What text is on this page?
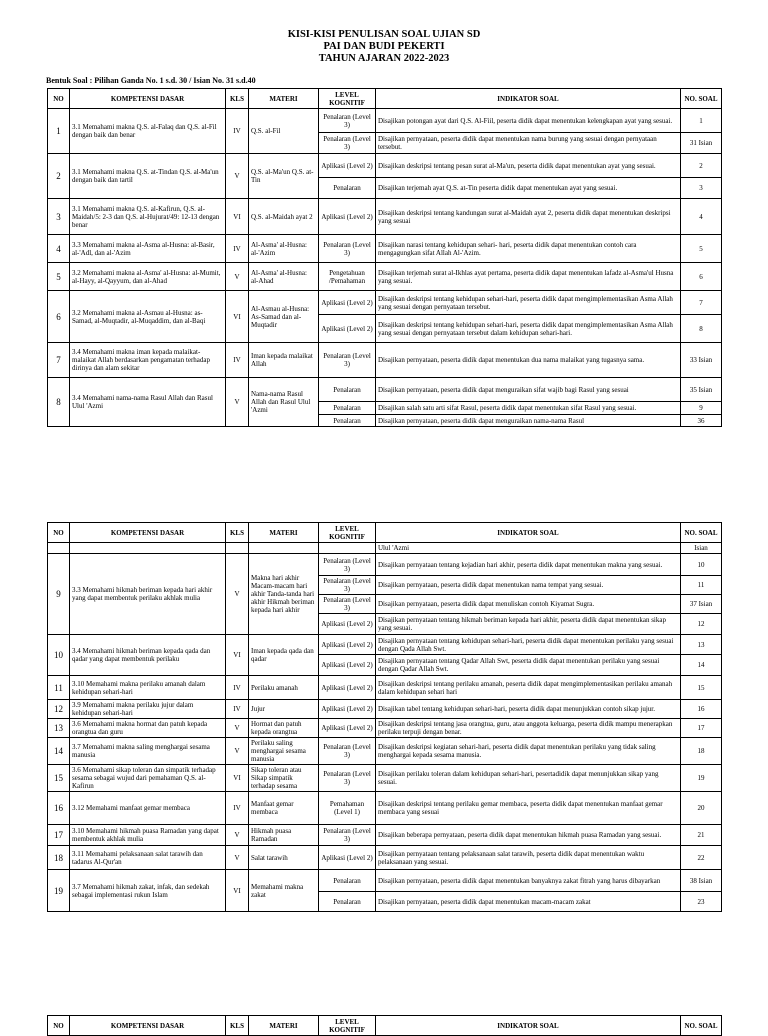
KISI-KISI PENULISAN SOAL UJIAN SD
PAI DAN BUDI PEKERTI
TAHUN AJARAN 2022-2023
Bentuk Soal : Pilihan Ganda No. 1 s.d. 30 / Isian No. 31 s.d.40
NO	KOMPETENSI DASAR	KLS	MATERI	LEVEL KOGNITIF	INDIKATOR SOAL	NO. SOAL
1	3.1 Memahami makna Q.S. al-Falaq dan Q.S. al-Fil dengan baik dan benar	IV	Q.S. al-Fil	Penalaran (Level 3)	Disajikan potongan ayat dari Q.S. Al-Fiil, peserta didik dapat menentukan kelengkapan ayat yang sesuai.	1
				Penalaran (Level 3)	Disajikan pernyataan, peserta didik dapat menentukan nama burung yang sesuai dengan pernyataan tersebut.	31 Isian
2	3.1 Memahami makna Q.S. at-Tindan Q.S. al-Ma'un dengan baik dan tartil	V	Q.S. al-Ma'un Q.S. at-Tin	Aplikasi (Level 2)	Disajikan deskripsi tentang pesan surat al-Ma'un, peserta didik dapat menentukan ayat yang sesuai.	2
				Penalaran	Disajikan terjemah ayat Q.S. at-Tin peserta didik dapat menentukan ayat yang sesuai.	3
3	3.1 Memahami makna Q.S. al-Kafirun, Q.S. al-Maidah/5: 2-3 dan Q.S. al-Hujurat/49: 12-13 dengan benar	VI	Q.S. al-Maidah ayat 2	Aplikasi (Level 2)	Disajikan deskripsi tentang kandungan surat al-Maidah ayat 2, peserta didik dapat menentukan deskripsi yang sesuai	4
4	3.3 Memahami makna al-Asma al-Husna: al-Basir, al-'Adl, dan al-'Azim	IV	Al-Asma' al-Husna: al-'Azim	Penalaran (Level 3)	Disajikan narasi tentang kehidupan sehari- hari, peserta didik dapat menentukan contoh cara mengagungkan sifat Allah Al-'Azim.	5
5	3.2 Memahami makna al-Asma' al-Husna: al-Mumit, al-Hayy, al-Qayyum, dan al-Ahad	V	Al-Asma' al-Husna: al-Ahad	Pengetahuan /Pemahaman	Disajikan terjemah surat al-Ikhlas ayat pertama, peserta didik dapat menentukan lafadz al-Asma'ul Husna yang sesuai.	6
6	3.2 Memahami makna al-Asmau al-Husna: as-Samad, al-Muqtadir, al-Muqaddim, dan al-Baqi	VI	Al-Asmau al-Husna: As-Samad dan al-Muqtadir	Aplikasi (Level 2)	Disajikan deskripsi tentang kehidupan sehari-hari, peserta didik dapat mengimplementasikan Asma Allah yang sesuai dengan pernyataan tersebut.	7
				Aplikasi (Level 2)	Disajikan deskripsi tentang kehidupan sehari-hari, peserta didik dapat mengimplementasikan Asma Allah yang sesuai dengan pernyataan tersebut dalam kehidupan sehari-hari.	8
7	3.4 Memahami makna iman kepada malaikat-malaikat Allah berdasarkan pengamatan terhadap dirinya dan alam sekitar	IV	Iman kepada malaikat Allah	Penalaran (Level 3)	Disajikan pernyataan, peserta didik dapat menentukan dua nama malaikat yang tugasnya sama.	33 Isian
8	3.4 Memahami nama-nama Rasul Allah dan Rasul Ulul 'Azmi	V	Nama-nama Rasul Allah dan Rasul Ulul 'Azmi	Penalaran	Disajikan pernyataan, peserta didik dapat menguraikan sifat wajib bagi Rasul yang sesuai	35 Isian
				Penalaran	Disajikan salah satu arti sifat Rasul, peserta didik dapat menentukan sifat Rasul yang sesuai.	9
				Penalaran	Disajikan pernyataan, peserta didik dapat menguraikan nama-nama Rasul	36
NO	KOMPETENSI DASAR	KLS	MATERI	LEVEL KOGNITIF	INDIKATOR SOAL	NO. SOAL
					Ulul 'Azmi	Isian
9	3.3 Memahami hikmah beriman kepada hari akhir yang dapat membentuk perilaku akhlak mulia	V	Makna hari akhir Macam-macam hari akhir Tanda-tanda hari akhir Hikmah beriman kepada hari akhir	Penalaran (Level 3)	Disajikan pernyataan tentang kejadian hari akhir, peserta didik dapat menentukan makna yang sesuai.	10
				Penalaran (Level 3)	Disajikan pernyataan, peserta didik dapat menentukan nama tempat yang sesuai.	11
				Penalaran (Level 3)	Disajikan pernyataan, peserta didik dapat menuliskan contoh Kiyamat Sugra.	37 Isian
				Aplikasi (Level 2)	Disajikan pernyataan tentang hikmah beriman kepada hari akhir, peserta didik dapat menentukan sikap yang sesuai.	12
10	3.4 Memahami hikmah beriman kepada qada dan qadar yang dapat membentuk perilaku	VI	Iman kepada qada dan qadar	Aplikasi (Level 2)	Disajikan pernyataan tentang kehidupan sehari-hari, peserta didik dapat menentukan perilaku yang sesuai dengan Qada Allah Swt.	13
				Aplikasi (Level 2)	Disajikan pernyataan tentang Qadar Allah Swt, peserta didik dapat menentukan perilaku yang sesuai dengan Qadar Allah Swt.	14
11	3.10 Memahami makna perilaku amanah dalam kehidupan sehari-hari	IV	Perilaku amanah	Aplikasi (Level 2)	Disajikan deskripsi tentang perilaku amanah, peserta didik dapat mengimplementasikan perilaku amanah dalam kehidupan sehari hari	15
12	3.9 Memahami makna perilaku jujur dalam kehidupan sehari-hari	IV	Jujur	Aplikasi (Level 2)	Disajikan tabel tentang kehidupan sehari-hari, peserta didik dapat menunjukkan contoh sikap jujur.	16
13	3.6 Memahami makna hormat dan patuh kepada orangtua dan guru	V	Hormat dan patuh kepada orangtua	Aplikasi (Level 2)	Disajikan deskripsi tentang jasa orangtua, guru, atau anggota keluarga, peserta didik mampu menerapkan perilaku terpuji dengan benar.	17
14	3.7 Memahami makna saling menghargai sesama manusia	V	Perilaku saling menghargai sesama manusia	Penalaran (Level 3)	Disajikan deskripsi kegiatan sehari-hari, peserta didik dapat menentukan perilaku yang tidak saling menghargai kepada sesama manusia.	18
15	3.6 Memahami sikap toleran dan simpatik terhadap sesama sebagai wujud dari pemahaman Q.S. al-Kafirun	VI	Sikap toleran atau Sikap simpatik terhadap sesama	Penalaran (Level 3)	Disajikan perilaku toleran dalam kehidupan sehari-hari, pesertadidik dapat menunjukkan sikap yang sesuai.	19
16	3.12 Memahami manfaat gemar membaca	IV	Manfaat gemar membaca	Pemahaman (Level 1)	Disajikan deskripsi tentang perilaku gemar membaca, peserta didik dapat menentukan manfaat gemar membaca yang sesuai	20
17	3.10 Memahami hikmah puasa Ramadan yang dapat membentuk akhlak mulia	V	Hikmah puasa Ramadan	Penalaran (Level 3)	Disajikan beberapa pernyataan, peserta didik dapat menentukan hikmah puasa Ramadan yang sesuai.	21
18	3.11 Memahami pelaksanaan salat tarawih dan tadarus Al-Qur'an	V	Salat tarawih	Aplikasi (Level 2)	Disajikan pernyataan tentang pelaksanaan salat tarawih, peserta didik dapat menentukan waktu pelaksanaan yang sesuai.	22
19	3.7 Memahami hikmah zakat, infak, dan sedekah sebagai implementasi rukun Islam	VI	Memahami makna zakat	Penalaran	Disajikan pernyataan, peserta didik dapat menentukan banyaknya zakat fitrah yang harus dibayarkan	38 Isian
				Penalaran	Disajikan pernyataan, peserta didik dapat menentukan macam-macam zakat	23
NO	KOMPETENSI DASAR	KLS	MATERI	LEVEL KOGNITIF	INDIKATOR SOAL	NO. SOAL
